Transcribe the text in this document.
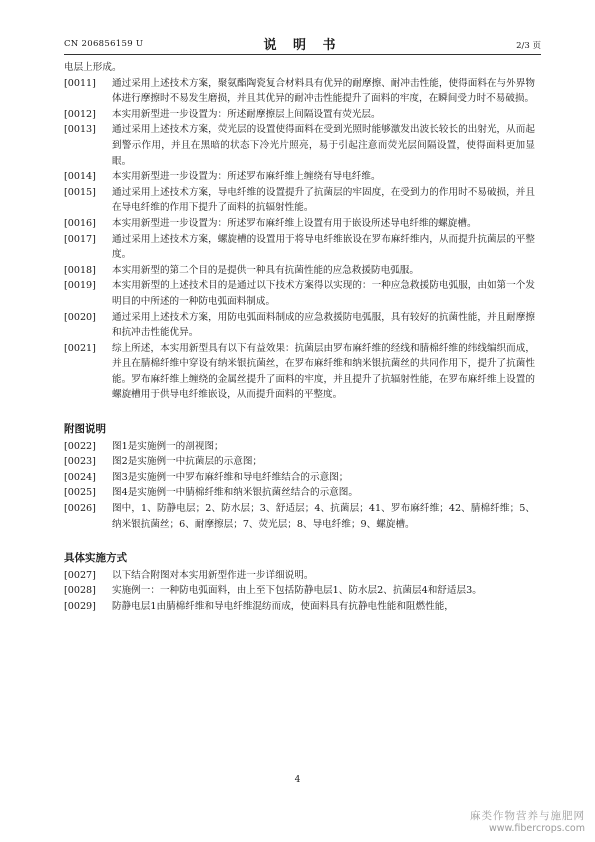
CN 206856159 U	说 明 书	2/3 页

电层上形成。

[0011]	通过采用上述技术方案，聚氨酯陶瓷复合材料具有优异的耐摩擦、耐冲击性能，使得面料在与外界物体进行摩擦时不易发生磨损，并且其优异的耐冲击性能提升了面料的牢度，在瞬间受力时不易破损。
[0012]	本实用新型进一步设置为：所述耐摩擦层上间隔设置有荧光层。
[0013]	通过采用上述技术方案，荧光层的设置使得面料在受到光照时能够激发出波长较长的出射光，从而起到警示作用，并且在黑暗的状态下冷光片照亮，易于引起注意而荧光层间隔设置，使得面料更加显眼。
[0014]	本实用新型进一步设置为：所述罗布麻纤维上缠绕有导电纤维。
[0015]	通过采用上述技术方案，导电纤维的设置提升了抗菌层的牢固度，在受到力的作用时不易破损，并且在导电纤维的作用下提升了面料的抗辐射性能。
[0016]	本实用新型进一步设置为：所述罗布麻纤维上设置有用于嵌设所述导电纤维的螺旋槽。
[0017]	通过采用上述技术方案，螺旋槽的设置用于将导电纤维嵌设在罗布麻纤维内，从而提升抗菌层的平整度。
[0018]	本实用新型的第二个目的是提供一种具有抗菌性能的应急救援防电弧服。
[0019]	本实用新型的上述技术目的是通过以下技术方案得以实现的：一种应急救援防电弧服，由如第一个发明目的中所述的一种防电弧面料制成。
[0020]	通过采用上述技术方案，用防电弧面料制成的应急救援防电弧服，具有较好的抗菌性能，并且耐摩擦和抗冲击性能优异。
[0021]	综上所述，本实用新型具有以下有益效果：抗菌层由罗布麻纤维的经线和腈棉纤维的纬线编织而成，并且在腈棉纤维中穿设有纳米银抗菌丝，在罗布麻纤维和纳米银抗菌丝的共同作用下，提升了抗菌性能。罗布麻纤维上缠绕的金属丝提升了面料的牢度，并且提升了抗辐射性能，在罗布麻纤维上设置的螺旋槽用于供导电纤维嵌设，从而提升面料的平整度。
附图说明
[0022]	图1是实施例一的剖视图；
[0023]	图2是实施例一中抗菌层的示意图；
[0024]	图3是实施例一中罗布麻纤维和导电纤维结合的示意图；
[0025]	图4是实施例一中腈棉纤维和纳米银抗菌丝结合的示意图。
[0026]	图中，1、防静电层；2、防水层；3、舒适层；4、抗菌层；41、罗布麻纤维；42、腈棉纤维；5、纳米银抗菌丝；6、耐摩擦层；7、荧光层；8、导电纤维；9、螺旋槽。
具体实施方式
[0027]	以下结合附图对本实用新型作进一步详细说明。
[0028]	实施例一：一种防电弧面料，由上至下包括防静电层1、防水层2、抗菌层4和舒适层3。
[0029]	防静电层1由腈棉纤维和导电纤维混纺而成，使面料具有抗静电性能和阻燃性能，
4
麻类作物营养与施肥网
www.fibercrops.com
